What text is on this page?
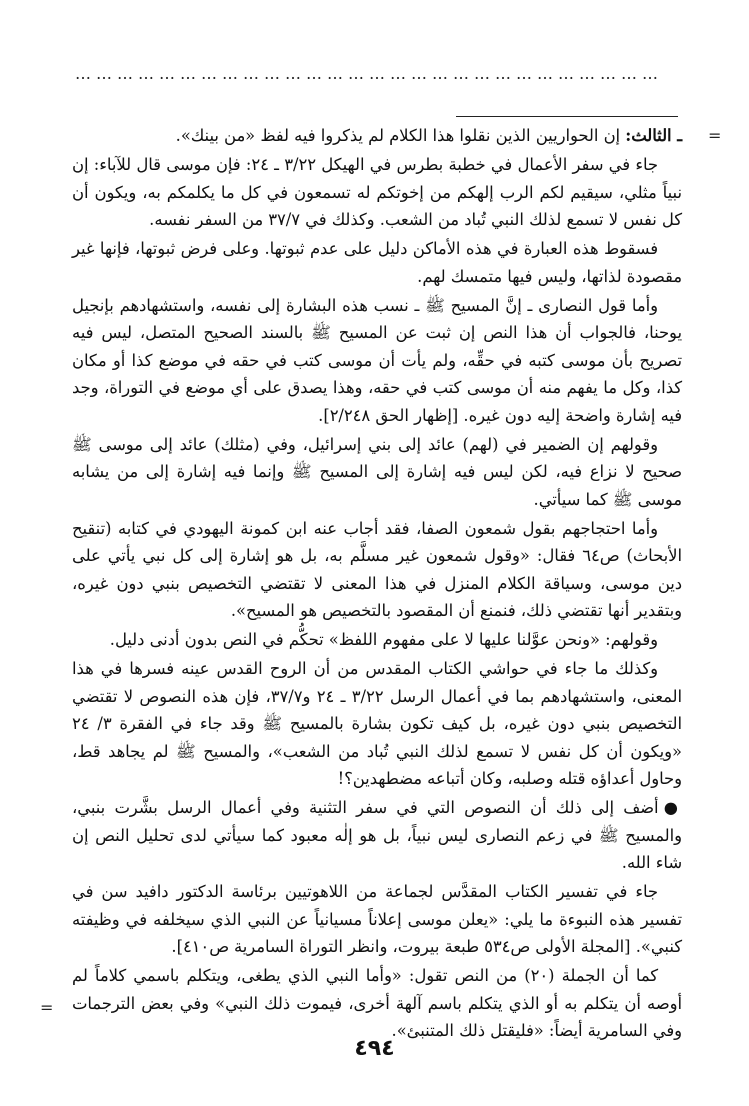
…………………………………………………………………………
=
=

ـ الثالث: إن الحواريين الذين نقلوا هذا الكلام لم يذكروا فيه لفظ «من بينك».

جاء في سفر الأعمال في خطبة بطرس في الهيكل ٣/٢٢ ـ ٢٤: فإن موسى قال للآباء: إن نبياً مثلي، سيقيم لكم الرب إلهكم من إخوتكم له تسمعون في كل ما يكلمكم به، ويكون أن كل نفس لا تسمع لذلك النبي تُباد من الشعب. وكذلك في ٣٧/٧ من السفر نفسه.

فسقوط هذه العبارة في هذه الأماكن دليل على عدم ثبوتها. وعلى فرض ثبوتها، فإنها غير مقصودة لذاتها، وليس فيها متمسك لهم.

وأما قول النصارى ـ إنَّ المسيح ﷺ ـ نسب هذه البشارة إلى نفسه، واستشهادهم بإنجيل يوحنا، فالجواب أن هذا النص إن ثبت عن المسيح ﷺ بالسند الصحيح المتصل، ليس فيه تصريح بأن موسى كتبه في حقِّه، ولم يأت أن موسى كتب في حقه في موضع كذا أو مكان كذا، وكل ما يفهم منه أن موسى كتب في حقه، وهذا يصدق على أي موضع في التوراة، وجد فيه إشارة واضحة إليه دون غيره. [إظهار الحق ٢/٢٤٨].

وقولهم إن الضمير في (لهم) عائد إلى بني إسرائيل، وفي (مثلك) عائد إلى موسى ﷺ صحيح لا نزاع فيه، لكن ليس فيه إشارة إلى المسيح ﷺ وإنما فيه إشارة إلى من يشابه موسى ﷺ كما سيأتي.

وأما احتجاجهم بقول شمعون الصفا، فقد أجاب عنه ابن كمونة اليهودي في كتابه (تنقيح الأبحاث) ص٦٤ فقال: «وقول شمعون غير مسلَّم به، بل هو إشارة إلى كل نبي يأتي على دين موسى، وسياقة الكلام المنزل في هذا المعنى لا تقتضي التخصيص بنبي دون غيره، وبتقدير أنها تقتضي ذلك، فنمنع أن المقصود بالتخصيص هو المسيح».

وقولهم: «ونحن عوَّلنا عليها لا على مفهوم اللفظ» تحكُّم في النص بدون أدنى دليل.

وكذلك ما جاء في حواشي الكتاب المقدس من أن الروح القدس عينه فسرها في هذا المعنى، واستشهادهم بما في أعمال الرسل ٣/٢٢ ـ ٢٤ و٣٧/٧، فإن هذه النصوص لا تقتضي التخصيص بنبي دون غيره، بل كيف تكون بشارة بالمسيح ﷺ وقد جاء في الفقرة ٣/ ٢٤ «ويكون أن كل نفس لا تسمع لذلك النبي تُباد من الشعب»، والمسيح ﷺ لم يجاهد قط، وحاول أعداؤه قتله وصلبه، وكان أتباعه مضطهدين؟!

● أضف إلى ذلك أن النصوص التي في سفر التثنية وفي أعمال الرسل بشَّرت بنبي، والمسيح ﷺ في زعم النصارى ليس نبياً، بل هو إلٰه معبود كما سيأتي لدى تحليل النص إن شاء الله.

جاء في تفسير الكتاب المقدَّس لجماعة من اللاهوتيين برئاسة الدكتور دافيد سن في تفسير هذه النبوءة ما يلي: «يعلن موسى إعلاناً مسيانياً عن النبي الذي سيخلفه في وظيفته كنبي». [المجلة الأولى ص٥٣٤ طبعة بيروت، وانظر التوراة السامرية ص٤١٠].

كما أن الجملة (٢٠) من النص تقول: «وأما النبي الذي يطغى، ويتكلم باسمي كلاماً لم أوصه أن يتكلم به أو الذي يتكلم باسم آلهة أخرى، فيموت ذلك النبي» وفي بعض الترجمات وفي السامرية أيضاً: «فليقتل ذلك المتنبئ».

٤٩٤
